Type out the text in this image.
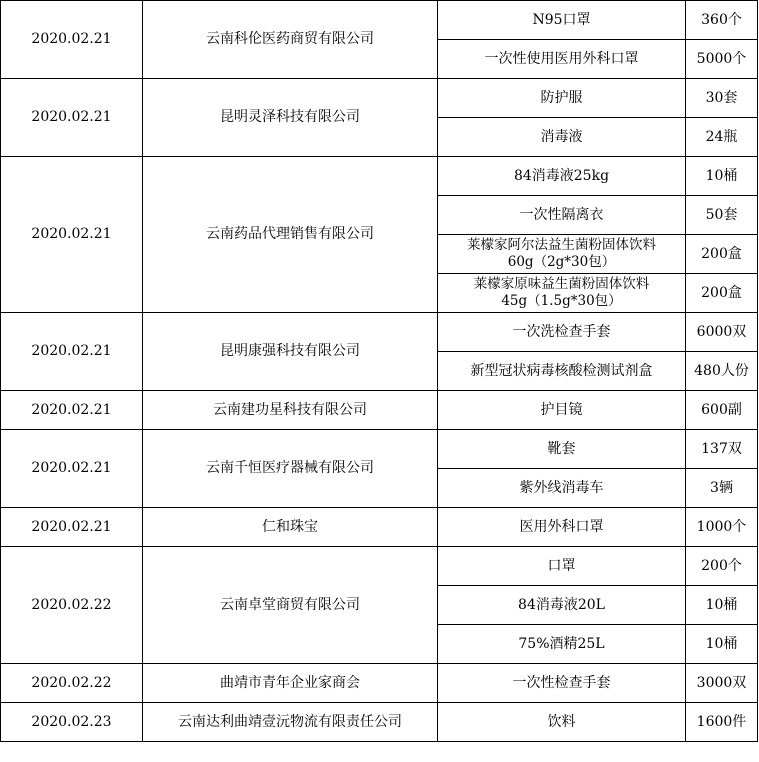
2020.02.21	云南科伦医药商贸有限公司	N95口罩	360个
		一次性使用医用外科口罩	5000个
2020.02.21	昆明灵泽科技有限公司	防护服	30套
		消毒液	24瓶
2020.02.21	云南药品代理销售有限公司	84消毒液25kg	10桶
		一次性隔离衣	50套

		莱檬家阿尔法益生菌粉固体饮料
60g（2g*30包）	200盒

		莱檬家原味益生菌粉固体饮料
45g（1.5g*30包）	200盒
2020.02.21	昆明康强科技有限公司	一次洗检查手套	6000双
		新型冠状病毒核酸检测试剂盒	480人份
2020.02.21	云南建功星科技有限公司	护目镜	600副
2020.02.21	云南千恒医疗器械有限公司	靴套	137双
		紫外线消毒车	3辆
2020.02.21	仁和珠宝	医用外科口罩	1000个
2020.02.22	云南卓堂商贸有限公司	口罩	200个
		84消毒液20L	10桶
		75%酒精25L	10桶
2020.02.22	曲靖市青年企业家商会	一次性检查手套	3000双
2020.02.23	云南达利曲靖壹沅物流有限责任公司	饮料	1600件
